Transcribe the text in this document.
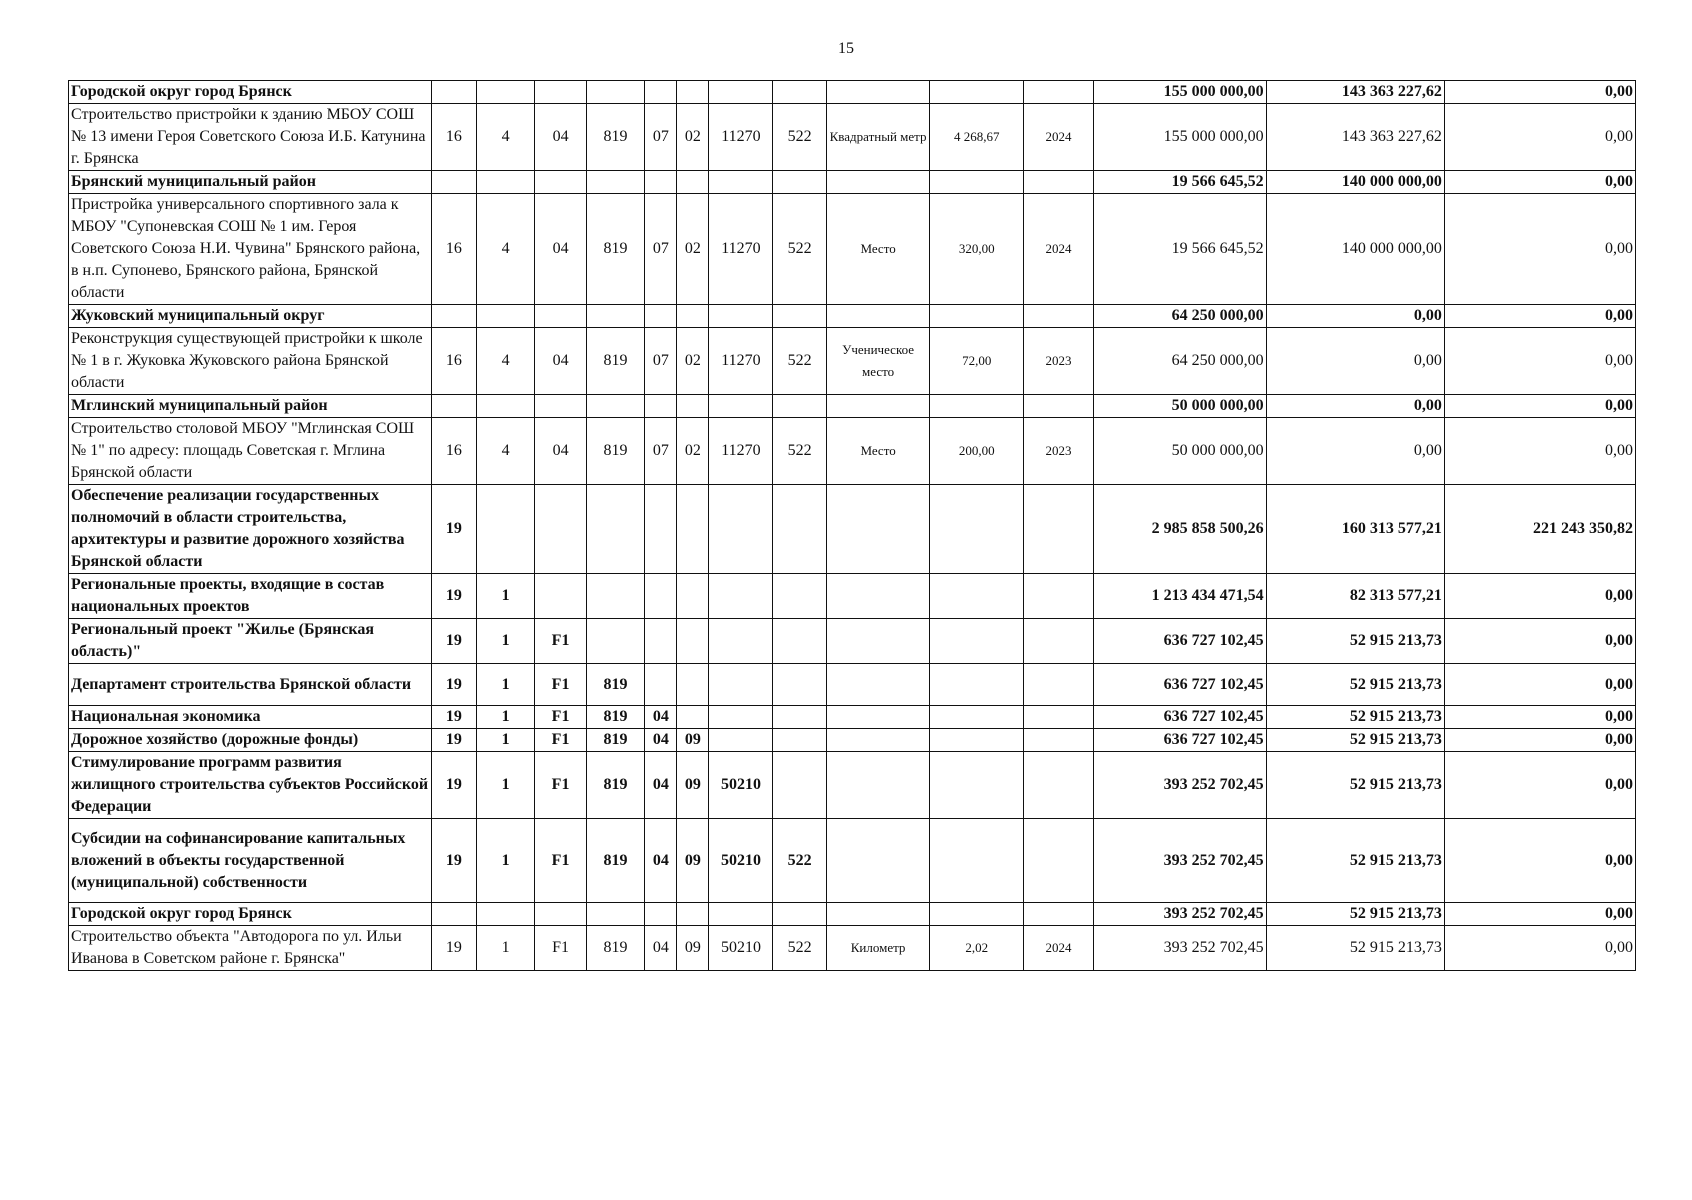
15
Городской округ город Брянск												155 000 000,00	143 363 227,62	0,00
Строительство пристройки к зданию МБОУ СОШ № 13 имени Героя Советского Союза И.Б. Катунина г. Брянска	16	4	04	819	07	02	11270	522	Квадратный метр	4 268,67	2024	155 000 000,00	143 363 227,62	0,00
Брянский муниципальный район												19 566 645,52	140 000 000,00	0,00
Пристройка универсального спортивного зала к МБОУ "Супоневская СОШ № 1 им. Героя Советского Союза Н.И. Чувина" Брянского района, в н.п. Супонево, Брянского района, Брянской области	16	4	04	819	07	02	11270	522	Место	320,00	2024	19 566 645,52	140 000 000,00	0,00
Жуковский муниципальный округ												64 250 000,00	0,00	0,00
Реконструкция существующей пристройки к школе № 1 в г. Жуковка Жуковского района Брянской области	16	4	04	819	07	02	11270	522	Ученическое место	72,00	2023	64 250 000,00	0,00	0,00
Мглинский муниципальный район												50 000 000,00	0,00	0,00
Строительство столовой МБОУ "Мглинская СОШ № 1" по адресу: площадь Советская г. Мглина Брянской области	16	4	04	819	07	02	11270	522	Место	200,00	2023	50 000 000,00	0,00	0,00
Обеспечение реализации государственных полномочий в области строительства, архитектуры и развитие дорожного хозяйства Брянской области	19											2 985 858 500,26	160 313 577,21	221 243 350,82
Региональные проекты, входящие в состав национальных проектов	19	1										1 213 434 471,54	82 313 577,21	0,00
Региональный проект "Жилье (Брянская область)"	19	1	F1									636 727 102,45	52 915 213,73	0,00
Департамент строительства Брянской области	19	1	F1	819								636 727 102,45	52 915 213,73	0,00
Национальная экономика	19	1	F1	819	04							636 727 102,45	52 915 213,73	0,00
Дорожное хозяйство (дорожные фонды)	19	1	F1	819	04	09						636 727 102,45	52 915 213,73	0,00
Стимулирование программ развития жилищного строительства субъектов Российской Федерации	19	1	F1	819	04	09	50210					393 252 702,45	52 915 213,73	0,00
Субсидии на софинансирование капитальных вложений в объекты государственной (муниципальной) собственности	19	1	F1	819	04	09	50210	522				393 252 702,45	52 915 213,73	0,00
Городской округ город Брянск												393 252 702,45	52 915 213,73	0,00
Строительство объекта "Автодорога по ул. Ильи Иванова в Советском районе г. Брянска"	19	1	F1	819	04	09	50210	522	Километр	2,02	2024	393 252 702,45	52 915 213,73	0,00
